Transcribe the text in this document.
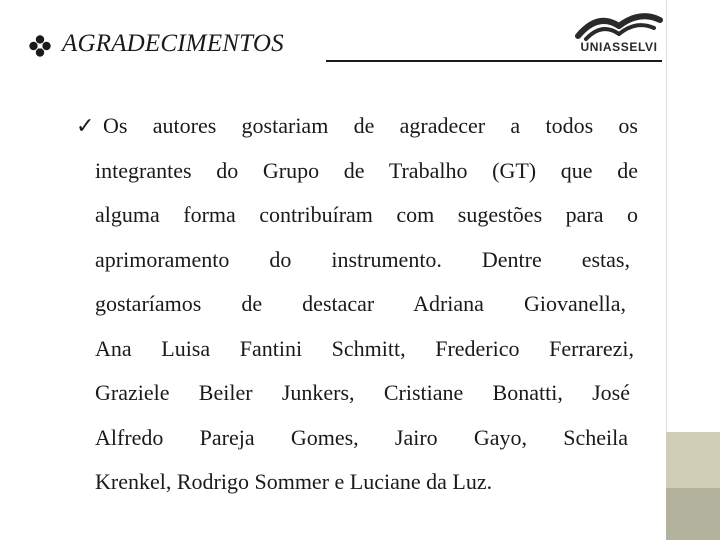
AGRADECIMENTOS	UNIASSELVI
✓ Os autores gostariam de agradecer a todos os
integrantes do Grupo de Trabalho (GT) que de
alguma forma contribuíram com sugestões para o
aprimoramento do instrumento. Dentre estas,
gostaríamos de destacar Adriana Giovanella,
Ana Luisa Fantini Schmitt, Frederico Ferrarezi,
Graziele Beiler Junkers, Cristiane Bonatti, José
Alfredo Pareja Gomes, Jairo Gayo, Scheila
Krenkel, Rodrigo Sommer e Luciane da Luz.
